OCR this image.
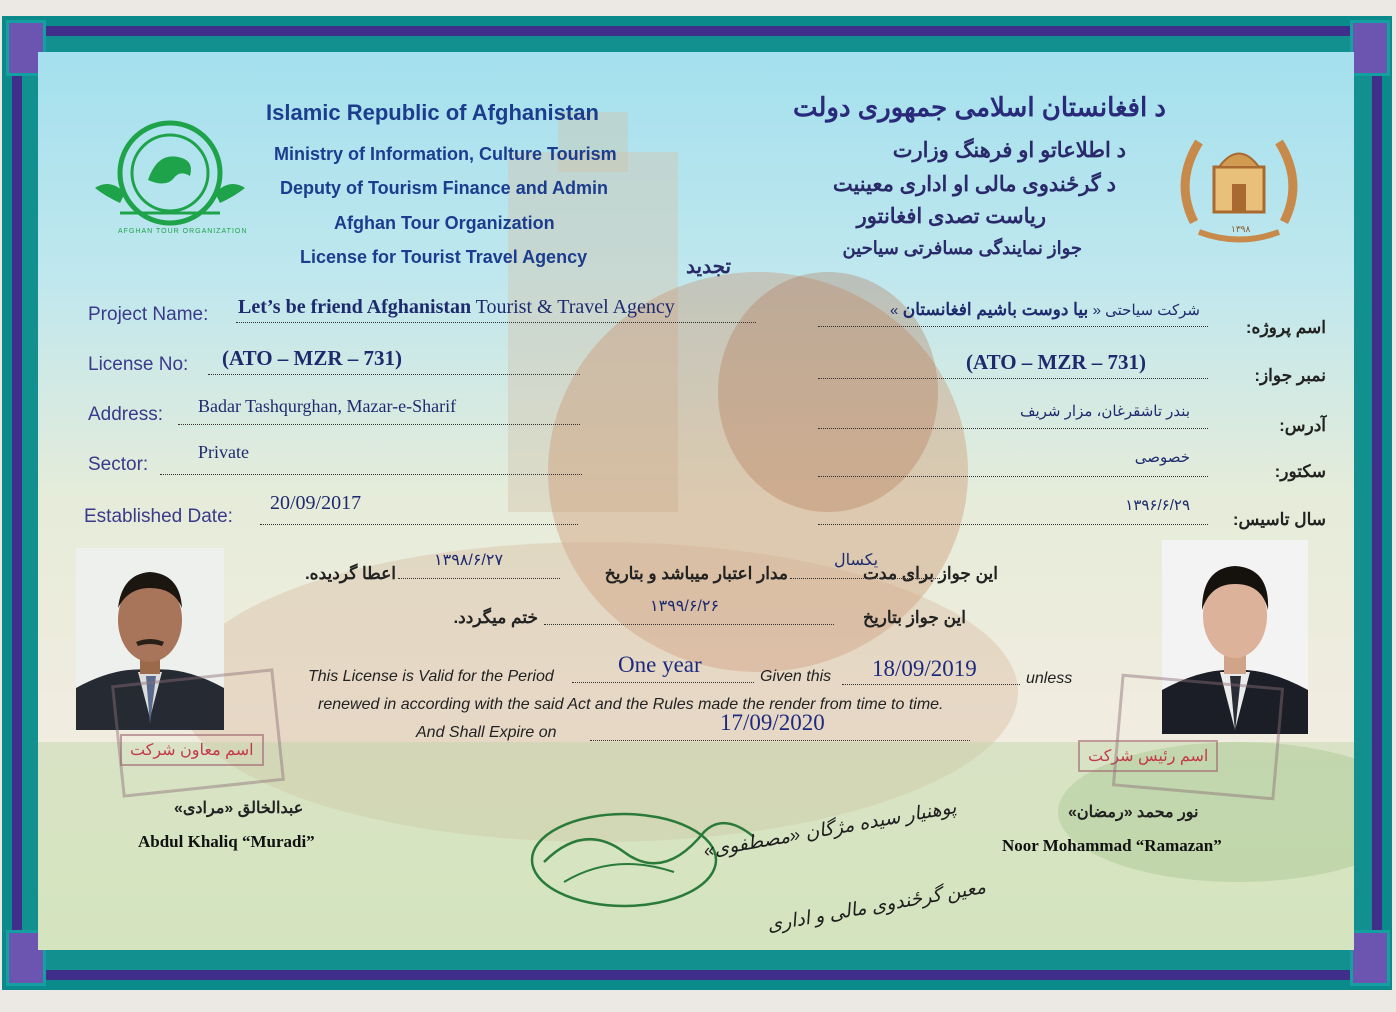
AFGHAN TOUR ORGANIZATION	١٣٩٨
Islamic Republic of Afghanistan
Ministry of Information, Culture Tourism
Deputy of Tourism Finance and Admin
Afghan Tour Organization
License for Tourist Travel Agency
د افغانستان اسلامی جمهوری دولت
د اطلاعاتو او فرهنگ وزارت
د گرځندوی مالی او اداری معینیت
ریاست تصدی افغانتور
جواز نمایندگی مسافرتی سیاحین
تجدید
Project Name: Let’s be friend Afghanistan Tourist & Travel Agency	شرکت سیاحتی « بیا دوست باشیم افغانستان »
اسم پروژه:
License No: (ATO – MZR – 731)	(ATO – MZR – 731)
نمبر جواز:
Address: Badar Tashqurghan, Mazar-e-Sharif	بندر تاشقرغان، مزار شریف
آدرس:
Sector:
Private	خصوصی
سکتور:
Established Date:
20/09/2017	۱۳۹۶/۶/۲۹
سال تاسیس:
این جواز برای مدت
یکسال
مدار اعتبار میباشد و بتاریخ
۱۳۹۸/۶/۲۷
اعطا گردیده.
این جواز بتاریخ
۱۳۹۹/۶/۲۶
ختم میگردد.
This License is Valid for the Period	One year	Given this 18/09/2019	unless
renewed in according with the said Act and the Rules made the render from time to time.
And Shall Expire on	17/09/2020
اسم معاون شرکت	اسم رئیس شرکت
عبدالخالق «مرادی»
Abdul Khaliq “Muradi”
نور محمد «رمضان»
Noor Mohammad “Ramazan”
پوهنیار سیده مژگان «مصطفوی»
معین گرځندوی مالی و اداری
